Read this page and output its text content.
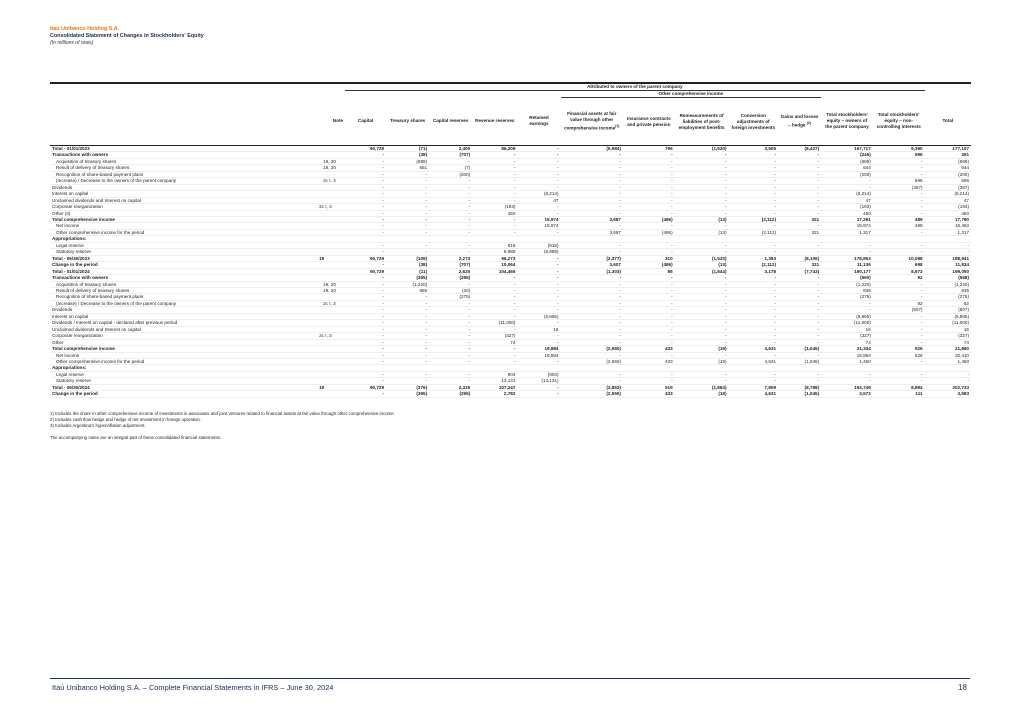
Itaú Unibanco Holding S.A.
Consolidated Statement of Changes in Stockholders' Equity
(In millions of reais)
		Attributed to owners of the parent company												
							Other comprehensive income							
Note		Capital	Treasury shares	Capital reserves	Revenue reserves	Retained earnings	Financial assets at fair value through other comprehensive income$^{(1)}$	Insurance contracts and private pension	Remeasurements of liabilities of post-employment benefits	Conversion adjustments of foreign investments	Gains and losses – hedge $^{(2)}$	Total stockholders' equity – owners of the parent company	Total stockholders' equity – non-controlling interests	Total
Total - 01/01/2023		90,729	(71)	2,400	86,209	-	(5,984)	796	(1,520)	3,505	(8,427)	167,717	9,390	177,107
Transactions with owners		-	(38)	(707)	-	-	-	-	-	-	-	(245)	596	351
Acquisition of treasury shares	19, 20	-	(689)	-	-	-	-	-	-	-	-	(689)	-	(689)
Result of delivery of treasury shares	19, 20	-	651	(7)	-	-	-	-	-	-	-	644	-	644
Recognition of share-based payment plans		-	-	(200)	-	-	-	-	-	-	-	(200)	-	(200)
(Increase) / Decrease to the owners of the parent company	2c I, 3	-	-	-	-	-	-	-	-	-	-	-	596	596
Dividends		-	-	-	-	-	-	-	-	-	-	-	(387)	(387)
Interest on capital		-	-	-	-	(6,214)	-	-	-	-	-	(6,214)	-	(6,214)
Unclaimed dividends and Interest on capital		-	-	-	-	47	-	-	-	-	-	47	-	47
Corporate reorganization	2c I, 3	-	-	-	(193)	-	-	-	-	-	-	(193)	-	(193)
Other (3)		-	-	-	450	-	-	-	-	-	-	450	-	450
Total comprehensive income		-	-	-	-	15,974	3,687	(486)	(13)	(2,112)	321	17,291	489	17,780
Net income		-	-	-	-	15,974	-	-	-	-	-	15,974	489	16,463
Other comprehensive income for the period		-	-	-	-	-	3,687	(486)	(13)	(2,112)	321	1,317	-	1,317
Appropriations:														
Legal reserve		-	-	-	818	(818)	-	-	-	-	-	-	-	-
Statutory reserve		-	-	-	8,989	(8,989)	-	-	-	-	-	-	-	-
Total - 06/30/2023	19	90,729	(109)	2,273	96,273	-	(2,377)	310	(1,533)	1,393	(8,106)	178,853	10,088	188,941
Change in the period		-	(38)	(707)	10,064	-	3,607	(486)	(13)	(2,112)	321	11,136	698	11,834
Total - 01/01/2024		90,729	(11)	2,620	104,465	-	(1,303)	86	(1,844)	3,178	(7,743)	190,177	8,873	199,050
Transactions with owners		-	(365)	(295)	-	-	-	-	-	-	-	(660)	92	(568)
Acquisition of treasury shares	19, 20	-	(1,220)	-	-	-	-	-	-	-	-	(1,220)	-	(1,220)
Result of delivery of treasury shares	19, 20	-	855	(20)	-	-	-	-	-	-	-	835	-	835
Recognition of share-based payment plans		-	-	(275)	-	-	-	-	-	-	-	(275)	-	(275)
(Increase) / Decrease to the owners of the parent company	2c I, 3	-	-	-	-	-	-	-	-	-	-	-	92	92
Dividends		-	-	-	-	-	-	-	-	-	-	-	(507)	(507)
Interest on capital		-	-	-	-	(5,865)	-	-	-	-	-	(5,865)	-	(5,865)
Dividends / Interest on capital - declared after previous period		-	-	-	(11,000)	-	-	-	-	-	-	(11,000)	-	(11,000)
Unclaimed dividends and Interest on capital		-	-	-	-	16	-	-	-	-	-	16	-	16
Corporate reorganization	2c I, 3	-	-	-	(327)	-	-	-	-	-	-	(327)	-	(327)
Other		-	-	-	74	-	-	-	-	-	-	74	-	74
Total comprehensive income		-	-	-	-	19,884	(2,550)	433	(19)	4,631	(1,045)	21,334	526	21,860
Net income		-	-	-	-	19,884	-	-	-	-	-	19,884	526	20,410
Other comprehensive income for the period		-	-	-	-	-	(2,550)	433	(19)	4,631	(1,045)	1,450	-	1,450
Appropriations:														
Legal reserve		-	-	-	904	(904)	-	-	-	-	-	-	-	-
Statutory reserve		-	-	-	13,131	(13,131)	-	-	-	-	-	-	-	-
Total - 06/30/2024	19	90,729	(376)	2,325	107,247	-	(3,853)	519	(1,863)	7,809	(8,788)	193,749	8,984	202,733
Change in the period		-	(365)	(295)	2,782	-	(2,550)	433	(19)	4,631	(1,045)	3,572	111	3,683
1) Includes the share in other comprehensive income of investments in associates and joint ventures related to financial assets at fair value through other comprehensive income.
2) Includes cash flow hedge and hedge of net investment in foreign operation.
3) Includes Argentina's hyperinflation adjustment.
The accompanying notes are an integral part of these consolidated financial statements.
Itaú Unibanco Holding S.A. – Complete Financial Statements in IFRS – June 30, 2024	18
